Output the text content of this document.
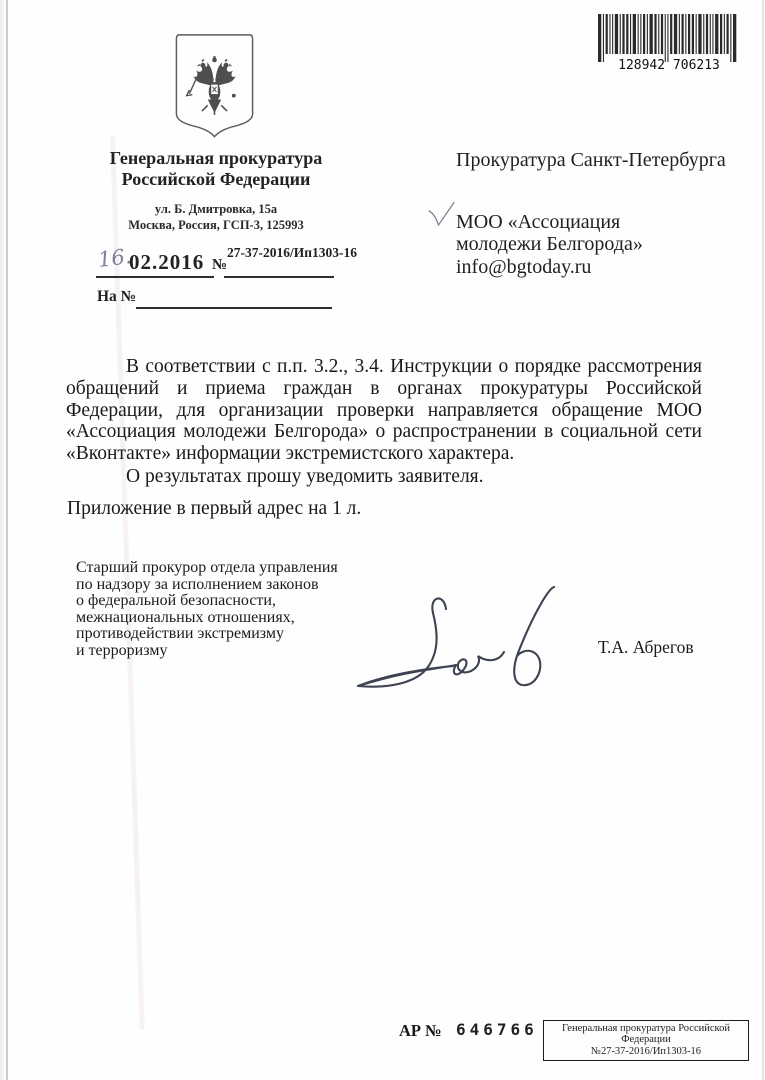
128942 706213
Генеральная прокуратура
Российской Федерации
ул. Б. Дмитровка, 15а
Москва, Россия, ГСП-3, 125993
16.
02.2016 №
27-37-2016/Ип1303-16
На №
Прокуратура Санкт-Петербурга
МОО «Ассоциация
молодежи Белгорода»
info@bgtoday.ru
В соответствии с п.п. 3.2., 3.4. Инструкции о порядке рассмотрения обращений и приема граждан в органах прокуратуры Российской Федерации, для организации проверки направляется обращение МОО «Ассоциация молодежи Белгорода» о распространении в социальной сети «Вконтакте» информации экстремистского характера.
О результатах прошу уведомить заявителя.
Приложение в первый адрес на 1 л.
Старший прокурор отдела управления
по надзору за исполнением законов
о федеральной безопасности,
межнациональных отношениях,
противодействии экстремизму
и терроризму	Т.А. Абрегов
АР № 646766	Генеральная прокуратура Российской
Федерации
№27-37-2016/Ип1303-16
